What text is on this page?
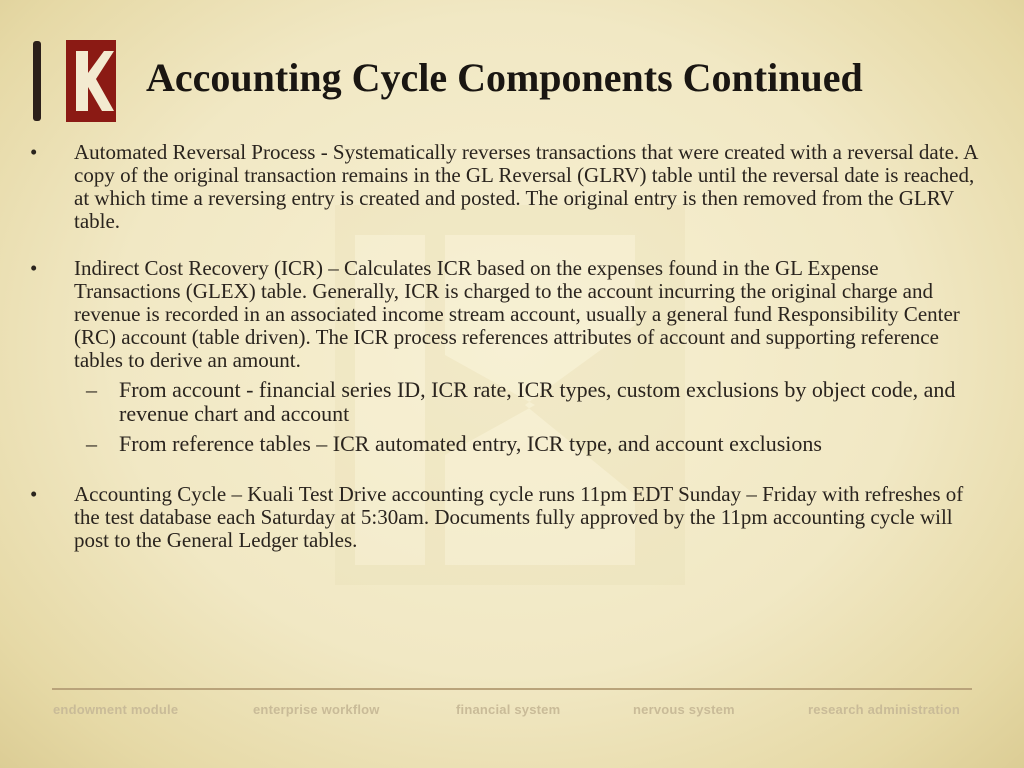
Accounting Cycle Components Continued

•	Automated Reversal Process - Systematically reverses transactions that were created with a reversal date. A copy of the original transaction remains in the GL Reversal (GLRV) table until the reversal date is reached, at which time a reversing entry is created and posted. The original entry is then removed from the GLRV table.

•	Indirect Cost Recovery (ICR) – Calculates ICR based on the expenses found in the GL Expense Transactions (GLEX) table. Generally, ICR is charged to the account incurring the original charge and revenue is recorded in an associated income stream account, usually a general fund Responsibility Center (RC) account (table driven). The ICR process references attributes of account and supporting reference tables to derive an amount.

– From account - financial series ID, ICR rate, ICR types, custom exclusions by object code, and revenue chart and account

– From reference tables – ICR automated entry, ICR type, and account exclusions

•	Accounting Cycle – Kuali Test Drive accounting cycle runs 11pm EDT Sunday – Friday with refreshes of the test database each Saturday at 5:30am. Documents fully approved by the 11pm accounting cycle will post to the General Ledger tables.

endowment module	enterprise workflow	financial system	nervous system	research administration
